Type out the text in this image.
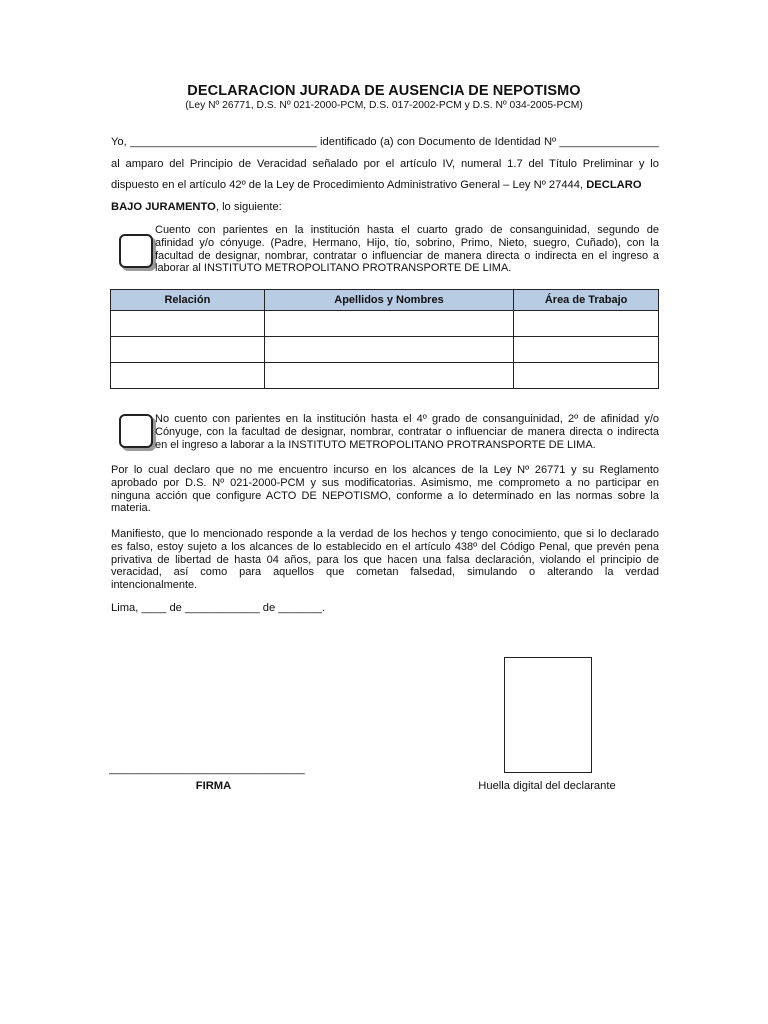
DECLARACION JURADA DE AUSENCIA DE NEPOTISMO
(Ley Nº 26771, D.S. Nº 021-2000-PCM, D.S. 017-2002-PCM y D.S. Nº 034-2005-PCM)
Yo, ______________________________ identificado (a) con Documento de Identidad Nº ________________
al amparo del Principio de Veracidad señalado por el artículo IV, numeral 1.7 del Título Preliminar y lo
dispuesto en el artículo 42º de la Ley de Procedimiento Administrativo General – Ley Nº 27444, DECLARO
BAJO JURAMENTO, lo siguiente:
Cuento con parientes en la institución hasta el cuarto grado de consanguinidad, segundo de
afinidad y/o cónyuge. (Padre, Hermano, Hijo, tío, sobrino, Primo, Nieto, suegro, Cuñado), con la
facultad de designar, nombrar, contratar o influenciar de manera directa o indirecta en el ingreso a
laborar al INSTITUTO METROPOLITANO PROTRANSPORTE DE LIMA.
Relación	Apellidos y Nombres	Área de Trabajo

No cuento con parientes en la institución hasta el 4º grado de consanguinidad, 2º de afinidad y/o
Cónyuge, con la facultad de designar, nombrar, contratar o influenciar de manera directa o indirecta
en el ingreso a laborar a la INSTITUTO METROPOLITANO PROTRANSPORTE DE LIMA.
Por lo cual declaro que no me encuentro incurso en los alcances de la Ley Nº 26771 y su Reglamento
aprobado por D.S. Nº 021-2000-PCM y sus modificatorias. Asimismo, me comprometo a no participar en
ninguna acción que configure ACTO DE NEPOTISMO, conforme a lo determinado en las normas sobre la
materia.
Manifiesto, que lo mencionado responde a la verdad de los hechos y tengo conocimiento, que si lo declarado
es falso, estoy sujeto a los alcances de lo establecido en el artículo 438º del Código Penal, que prevén pena
privativa de libertad de hasta 04 años, para los que hacen una falsa declaración, violando el principio de
veracidad, así como para aquellos que cometan falsedad, simulando o alterando la verdad
intencionalmente.
Lima, ____ de ____________ de _______.
________________________________
FIRMA	Huella digital del declarante
